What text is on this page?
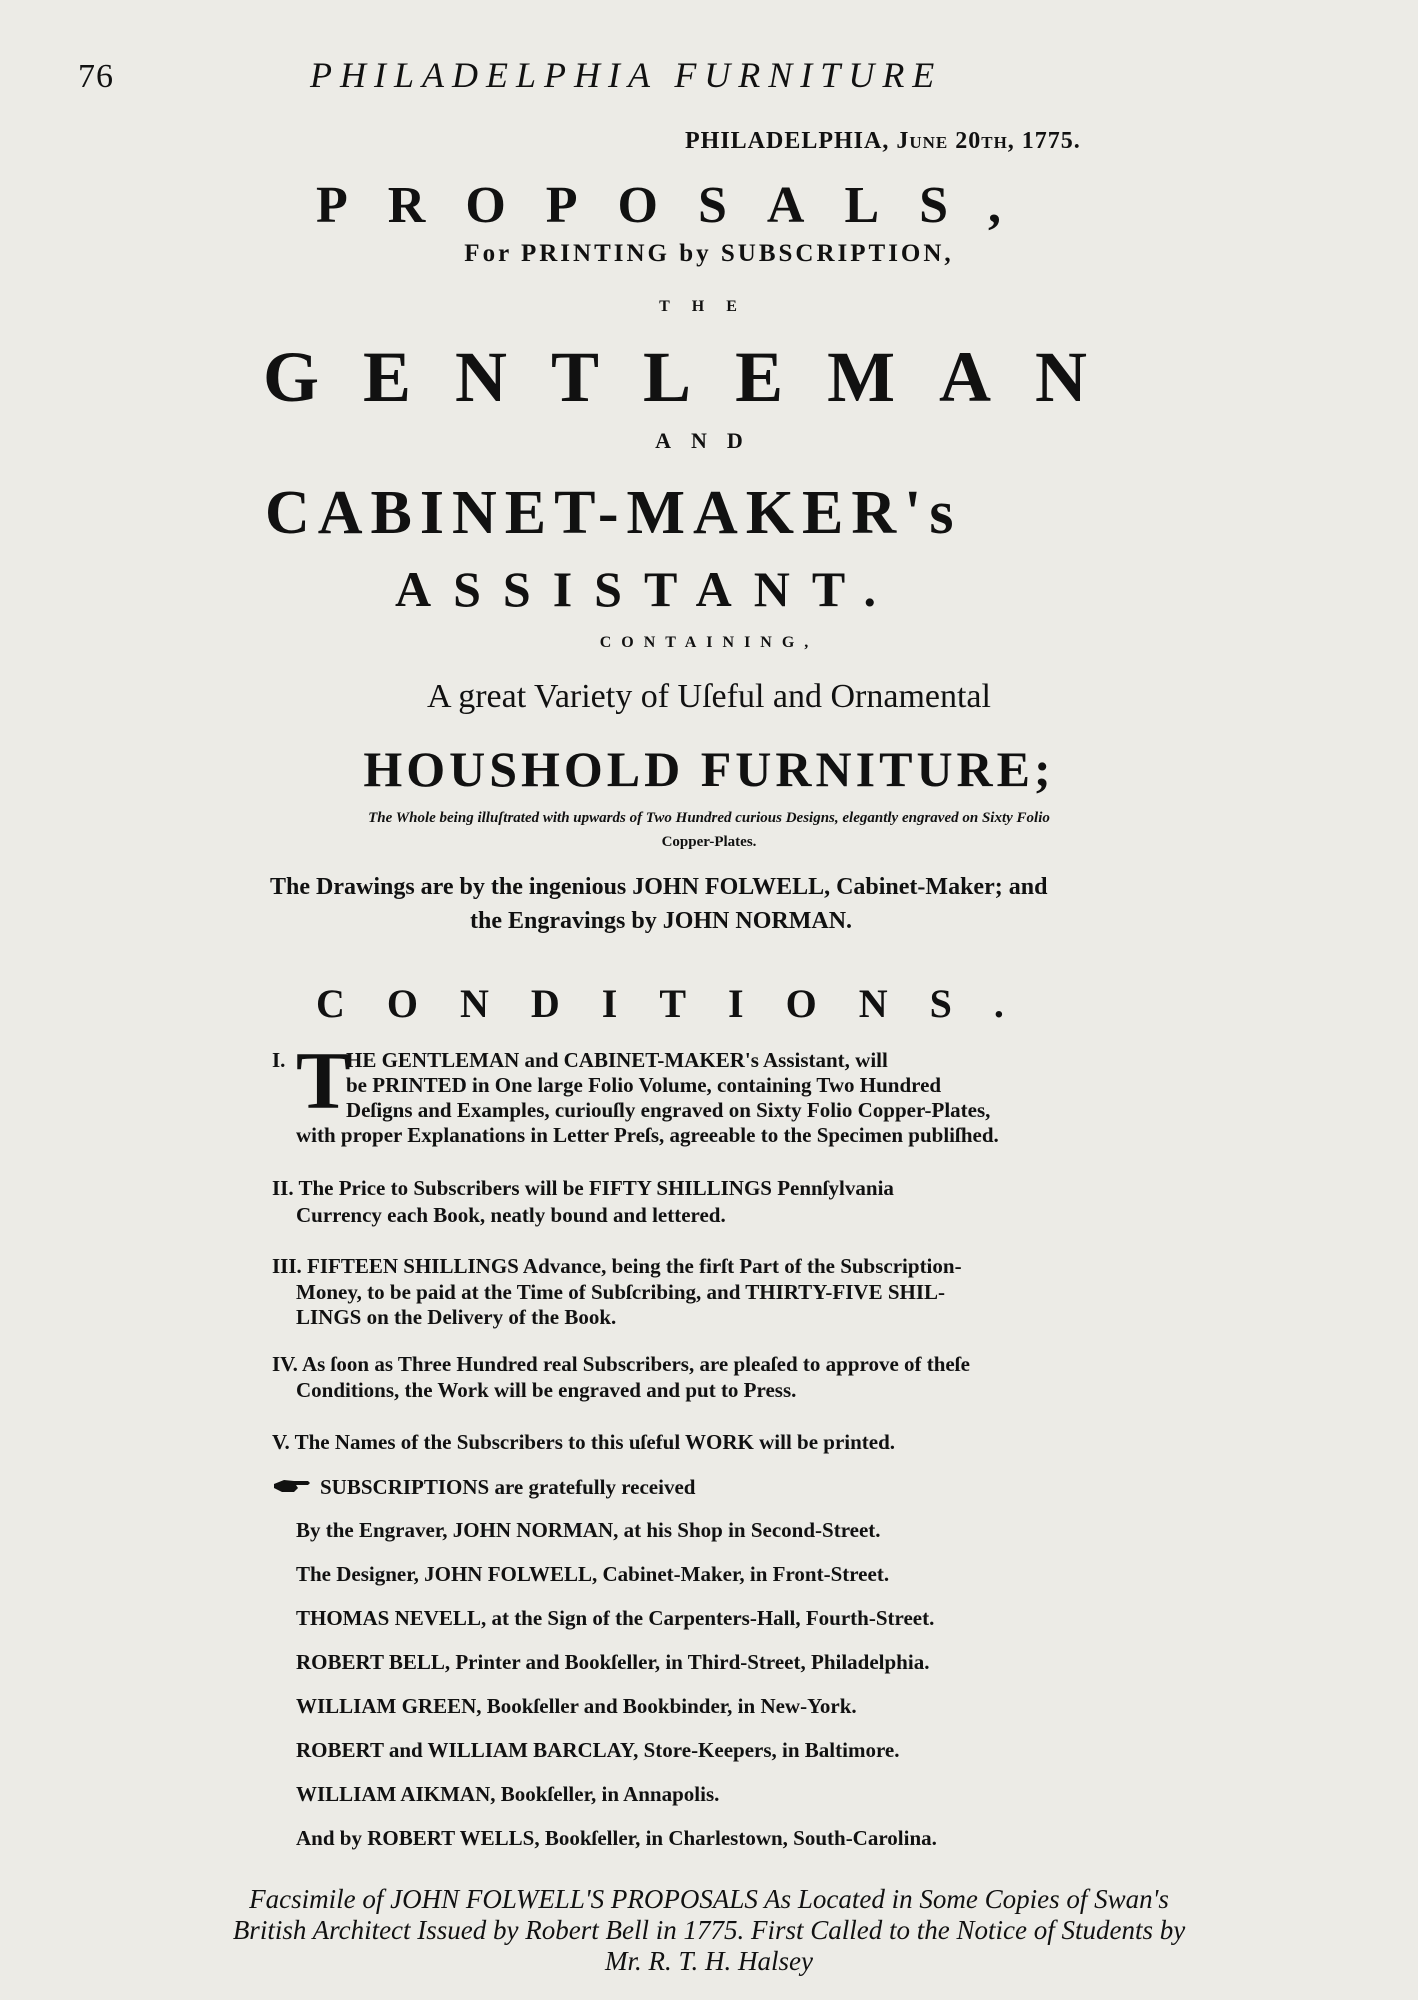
76	PHILADELPHIA FURNITURE
PHILADELPHIA, June 20th, 1775.
PROPOSALS,
For PRINTING by SUBSCRIPTION,
THE
GENTLEMAN
AND
CABINET-MAKER's
ASSISTANT.
CONTAINING,
A great Variety of Uſeful and Ornamental
HOUSHOLD FURNITURE;
The Whole being illuſtrated with upwards of Two Hundred curious Designs, elegantly engraved on Sixty Folio
Copper-Plates.
The Drawings are by the ingenious JOHN FOLWELL, Cabinet-Maker; and
the Engravings by JOHN NORMAN.
CONDITIONS.
I. T
HE GENTLEMAN and CABINET-MAKER's Assistant, will
be PRINTED in One large Folio Volume, containing Two Hundred
Deſigns and Examples, curiouſly engraved on Sixty Folio Copper-Plates,
with proper Explanations in Letter Preſs, agreeable to the Specimen publiſhed.
II. The Price to Subscribers will be FIFTY SHILLINGS Pennſylvania
Currency each Book, neatly bound and lettered.
III. FIFTEEN SHILLINGS Advance, being the firſt Part of the Subscription-
Money, to be paid at the Time of Subſcribing, and THIRTY-FIVE SHIL-
LINGS on the Delivery of the Book.
IV. As ſoon as Three Hundred real Subscribers, are pleaſed to approve of theſe
Conditions, the Work will be engraved and put to Press.
V. The Names of the Subscribers to this uſeful WORK will be printed.
SUBSCRIPTIONS are gratefully received
By the Engraver, JOHN NORMAN, at his Shop in Second-Street.
The Designer, JOHN FOLWELL, Cabinet-Maker, in Front-Street.
THOMAS NEVELL, at the Sign of the Carpenters-Hall, Fourth-Street.
ROBERT BELL, Printer and Bookſeller, in Third-Street, Philadelphia.
WILLIAM GREEN, Bookſeller and Bookbinder, in New-York.
ROBERT and WILLIAM BARCLAY, Store-Keepers, in Baltimore.
WILLIAM AIKMAN, Bookſeller, in Annapolis.
And by ROBERT WELLS, Bookſeller, in Charlestown, South-Carolina.
Facsimile of JOHN FOLWELL'S PROPOSALS As Located in Some Copies of Swan's
British Architect Issued by Robert Bell in 1775. First Called to the Notice of Students by
Mr. R. T. H. Halsey
